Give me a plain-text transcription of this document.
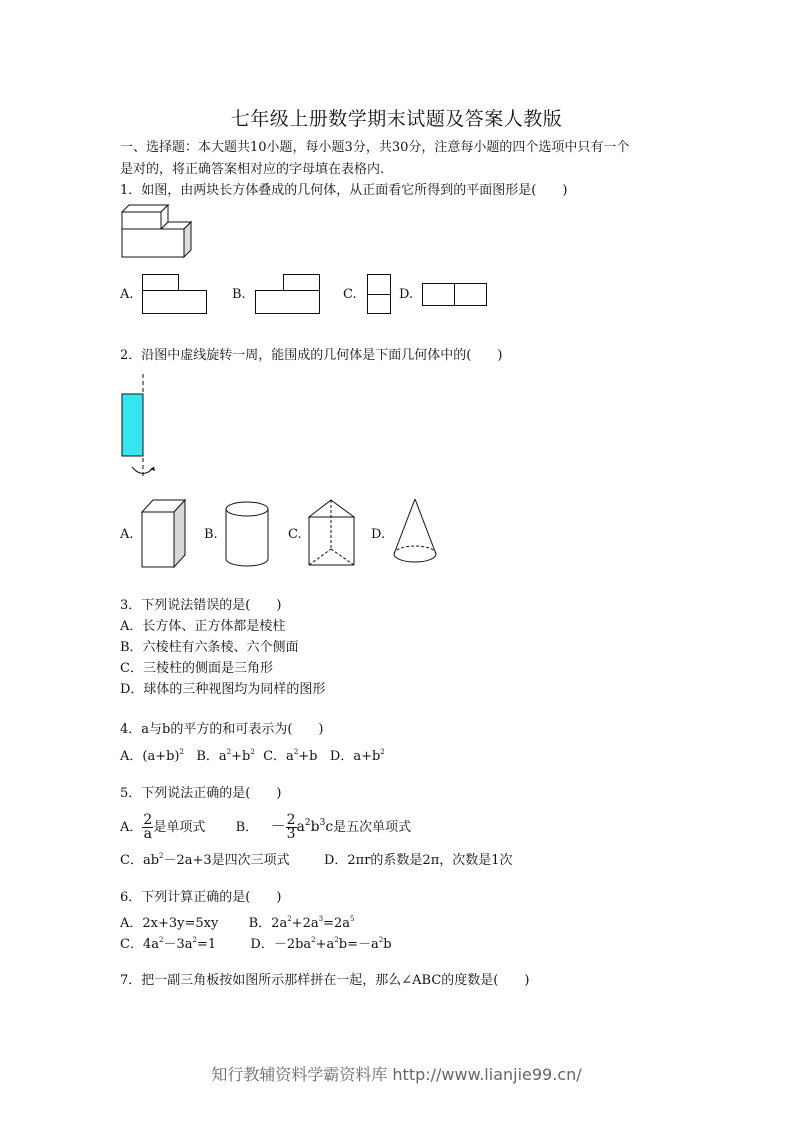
七年级上册数学期末试题及答案人教版
一、选择题：本大题共10小题，每小题3分，共30分，注意每小题的四个选项中只有一个
是对的，将正确答案相对应的字母填在表格内.
1．如图，由两块长方体叠成的几何体，从正面看它所得到的平面图形是(　　)
A.	B.	C.	D.
2．沿图中虚线旋转一周，能围成的几何体是下面几何体中的(　　)
A.	B.	C.	D.
3．下列说法错误的是(　　)
A．长方体、正方体都是棱柱
B．六棱柱有六条棱、六个侧面
C．三棱柱的侧面是三角形
D．球体的三种视图均为同样的图形
4．a与b的平方的和可表示为(　　)
A．$(a+b)^2$ B．$a^2+b^2$ C．$a^2+b$ D．$a+b^2$
5．下列说法正确的是(　　)
A． $\frac{2}{a}$ 是单项式 B． － $\frac{2}{3} a^2b^3c$是五次单项式
C．$ab^2-2a+3$是四次三项式	D．2πr的系数是2π，次数是1次
6．下列计算正确的是(　　)
A．2x+3y=5xy B．$2a^2+2a^3=2a^5$
C．$4a^2-3a^2=1$	D．$-2ba^2+a^2b=-a^2b$
7．把一副三角板按如图所示那样拼在一起，那么∠ABC的度数是(　　)
知行教辅资料学霸资料库 http://www.lianjie99.cn/
